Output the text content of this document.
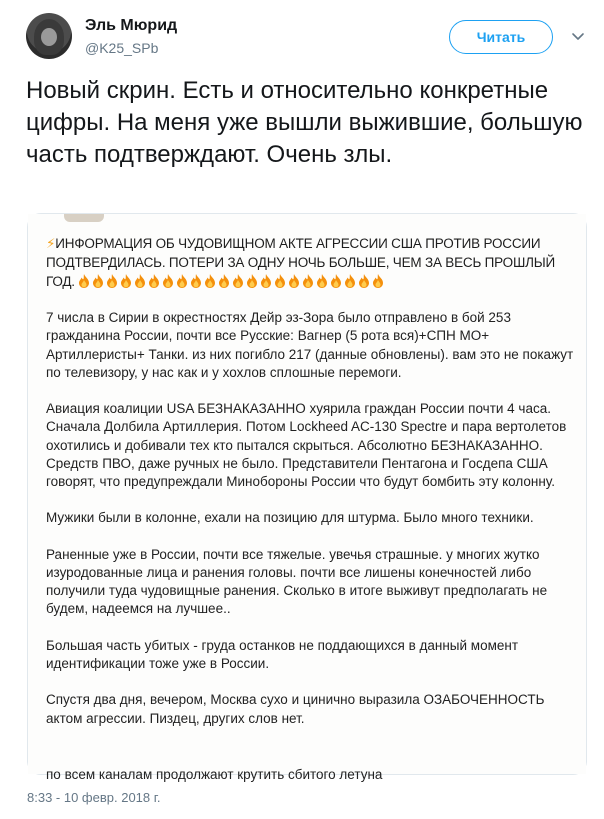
Эль Мюрид
@K25_SPb
Читать

Новый скрин. Есть и относительно конкретные цифры. На меня уже вышли выжившие, большую часть подтверждают. Очень злы.

⚡ИНФОРМАЦИЯ ОБ ЧУДОВИЩНОМ АКТЕ АГРЕССИИ США ПРОТИВ РОССИИ ПОДТВЕРДИЛАСЬ. ПОТЕРИ ЗА ОДНУ НОЧЬ БОЛЬШЕ, ЧЕМ ЗА ВЕСЬ ПРОШЛЫЙ ГОД.

7 числа в Сирии в окрестностях Дейр эз-Зора было отправлено в бой 253 гражданина России, почти все Русские: Вагнер (5 рота вся)+СПН МО+ Артиллеристы+ Танки. из них погибло 217 (данные обновлены). вам это не покажут по телевизору, у нас как и у хохлов сплошные перемоги.

Авиация коалиции USA БЕЗНАКАЗАННО хуярила граждан России почти 4 часа. Сначала Долбила Артиллерия. Потом Lockheed AC-130 Spectre и пара вертолетов охотились и добивали тех кто пытался скрыться. Абсолютно БЕЗНАКАЗАННО. Средств ПВО, даже ручных не было. Представители Пентагона и Госдепа США говорят, что предупреждали Минобороны России что будут бомбить эту колонну.

Мужики были в колонне, ехали на позицию для штурма. Было много техники.

Раненные уже в России, почти все тяжелые. увечья страшные. у многих жутко изуродованные лица и ранения головы. почти все лишены конечностей либо получили туда чудовищные ранения. Сколько в итоге выживут предполагать не будем, надеемся на лучшее..

Большая часть убитых - груда останков не поддающихся в данный момент идентификации тоже уже в России.

Спустя два дня, вечером, Москва сухо и цинично выразила ОЗАБОЧЕННОСТЬ актом агрессии. Пиздец, других слов нет.

по всем каналам продолжают крутить сбитого летуна
8:33 - 10 февр. 2018 г.
